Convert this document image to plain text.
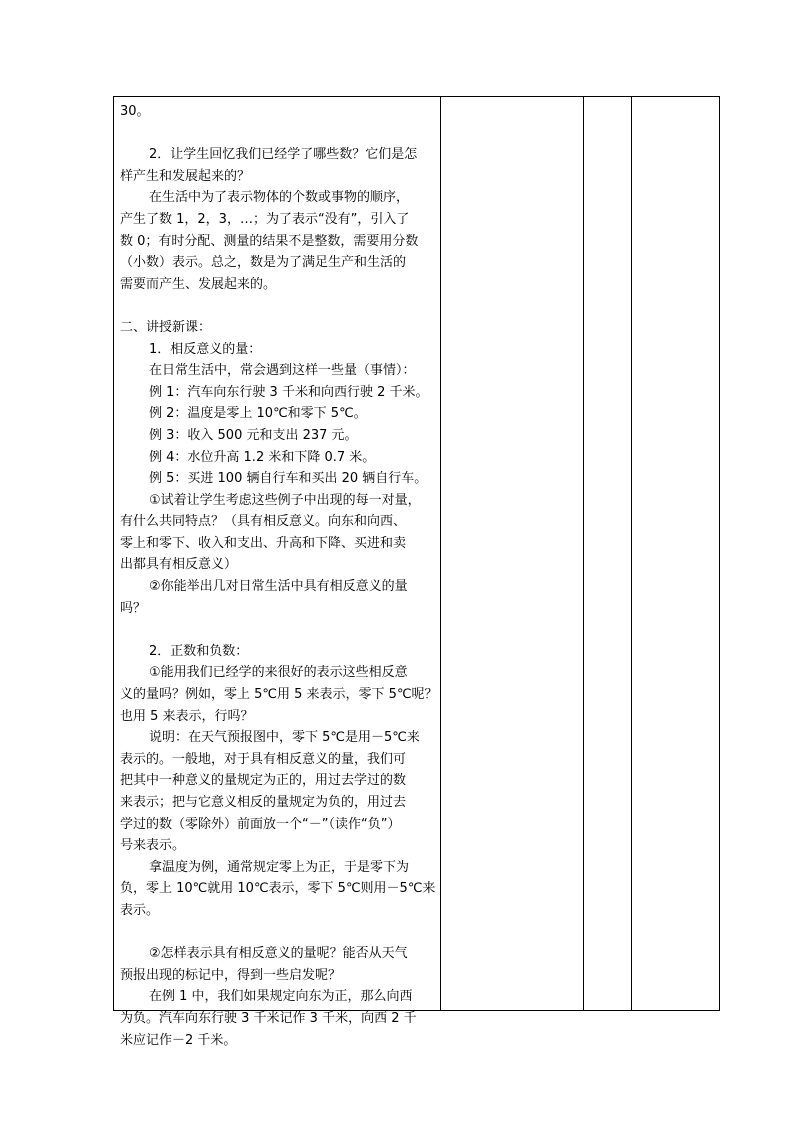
30。
2．让学生回忆我们已经学了哪些数？它们是怎
样产生和发展起来的？
在生活中为了表示物体的个数或事物的顺序，
产生了数 1，2，3，…；为了表示“没有”，引入了
数 0；有时分配、测量的结果不是整数，需要用分数
（小数）表示。总之，数是为了满足生产和生活的
需要而产生、发展起来的。
二、讲授新课：
1．相反意义的量：
在日常生活中，常会遇到这样一些量（事情）：
例 1：汽车向东行驶 3 千米和向西行驶 2 千米。
例 2：温度是零上 10℃和零下 5℃。
例 3：收入 500 元和支出 237 元。
例 4：水位升高 1.2 米和下降 0.7 米。
例 5：买进 100 辆自行车和买出 20 辆自行车。
①试着让学生考虑这些例子中出现的每一对量，
有什么共同特点？（具有相反意义。向东和向西、
零上和零下、收入和支出、升高和下降、买进和卖
出都具有相反意义）
②你能举出几对日常生活中具有相反意义的量
吗？
2．正数和负数：
①能用我们已经学的来很好的表示这些相反意
义的量吗？例如，零上 5℃用 5 来表示，零下 5℃呢？
也用 5 来表示，行吗？
说明：在天气预报图中，零下 5℃是用－5℃来
表示的。一般地，对于具有相反意义的量，我们可
把其中一种意义的量规定为正的，用过去学过的数
来表示；把与它意义相反的量规定为负的，用过去
学过的数（零除外）前面放一个“－”（读作“负”）
号来表示。
拿温度为例，通常规定零上为正，于是零下为
负，零上 10℃就用 10℃表示，零下 5℃则用－5℃来
表示。
②怎样表示具有相反意义的量呢？能否从天气
预报出现的标记中，得到一些启发呢？
在例 1 中，我们如果规定向东为正，那么向西
为负。汽车向东行驶 3 千米记作 3 千米，向西 2 千
米应记作－2 千米。
